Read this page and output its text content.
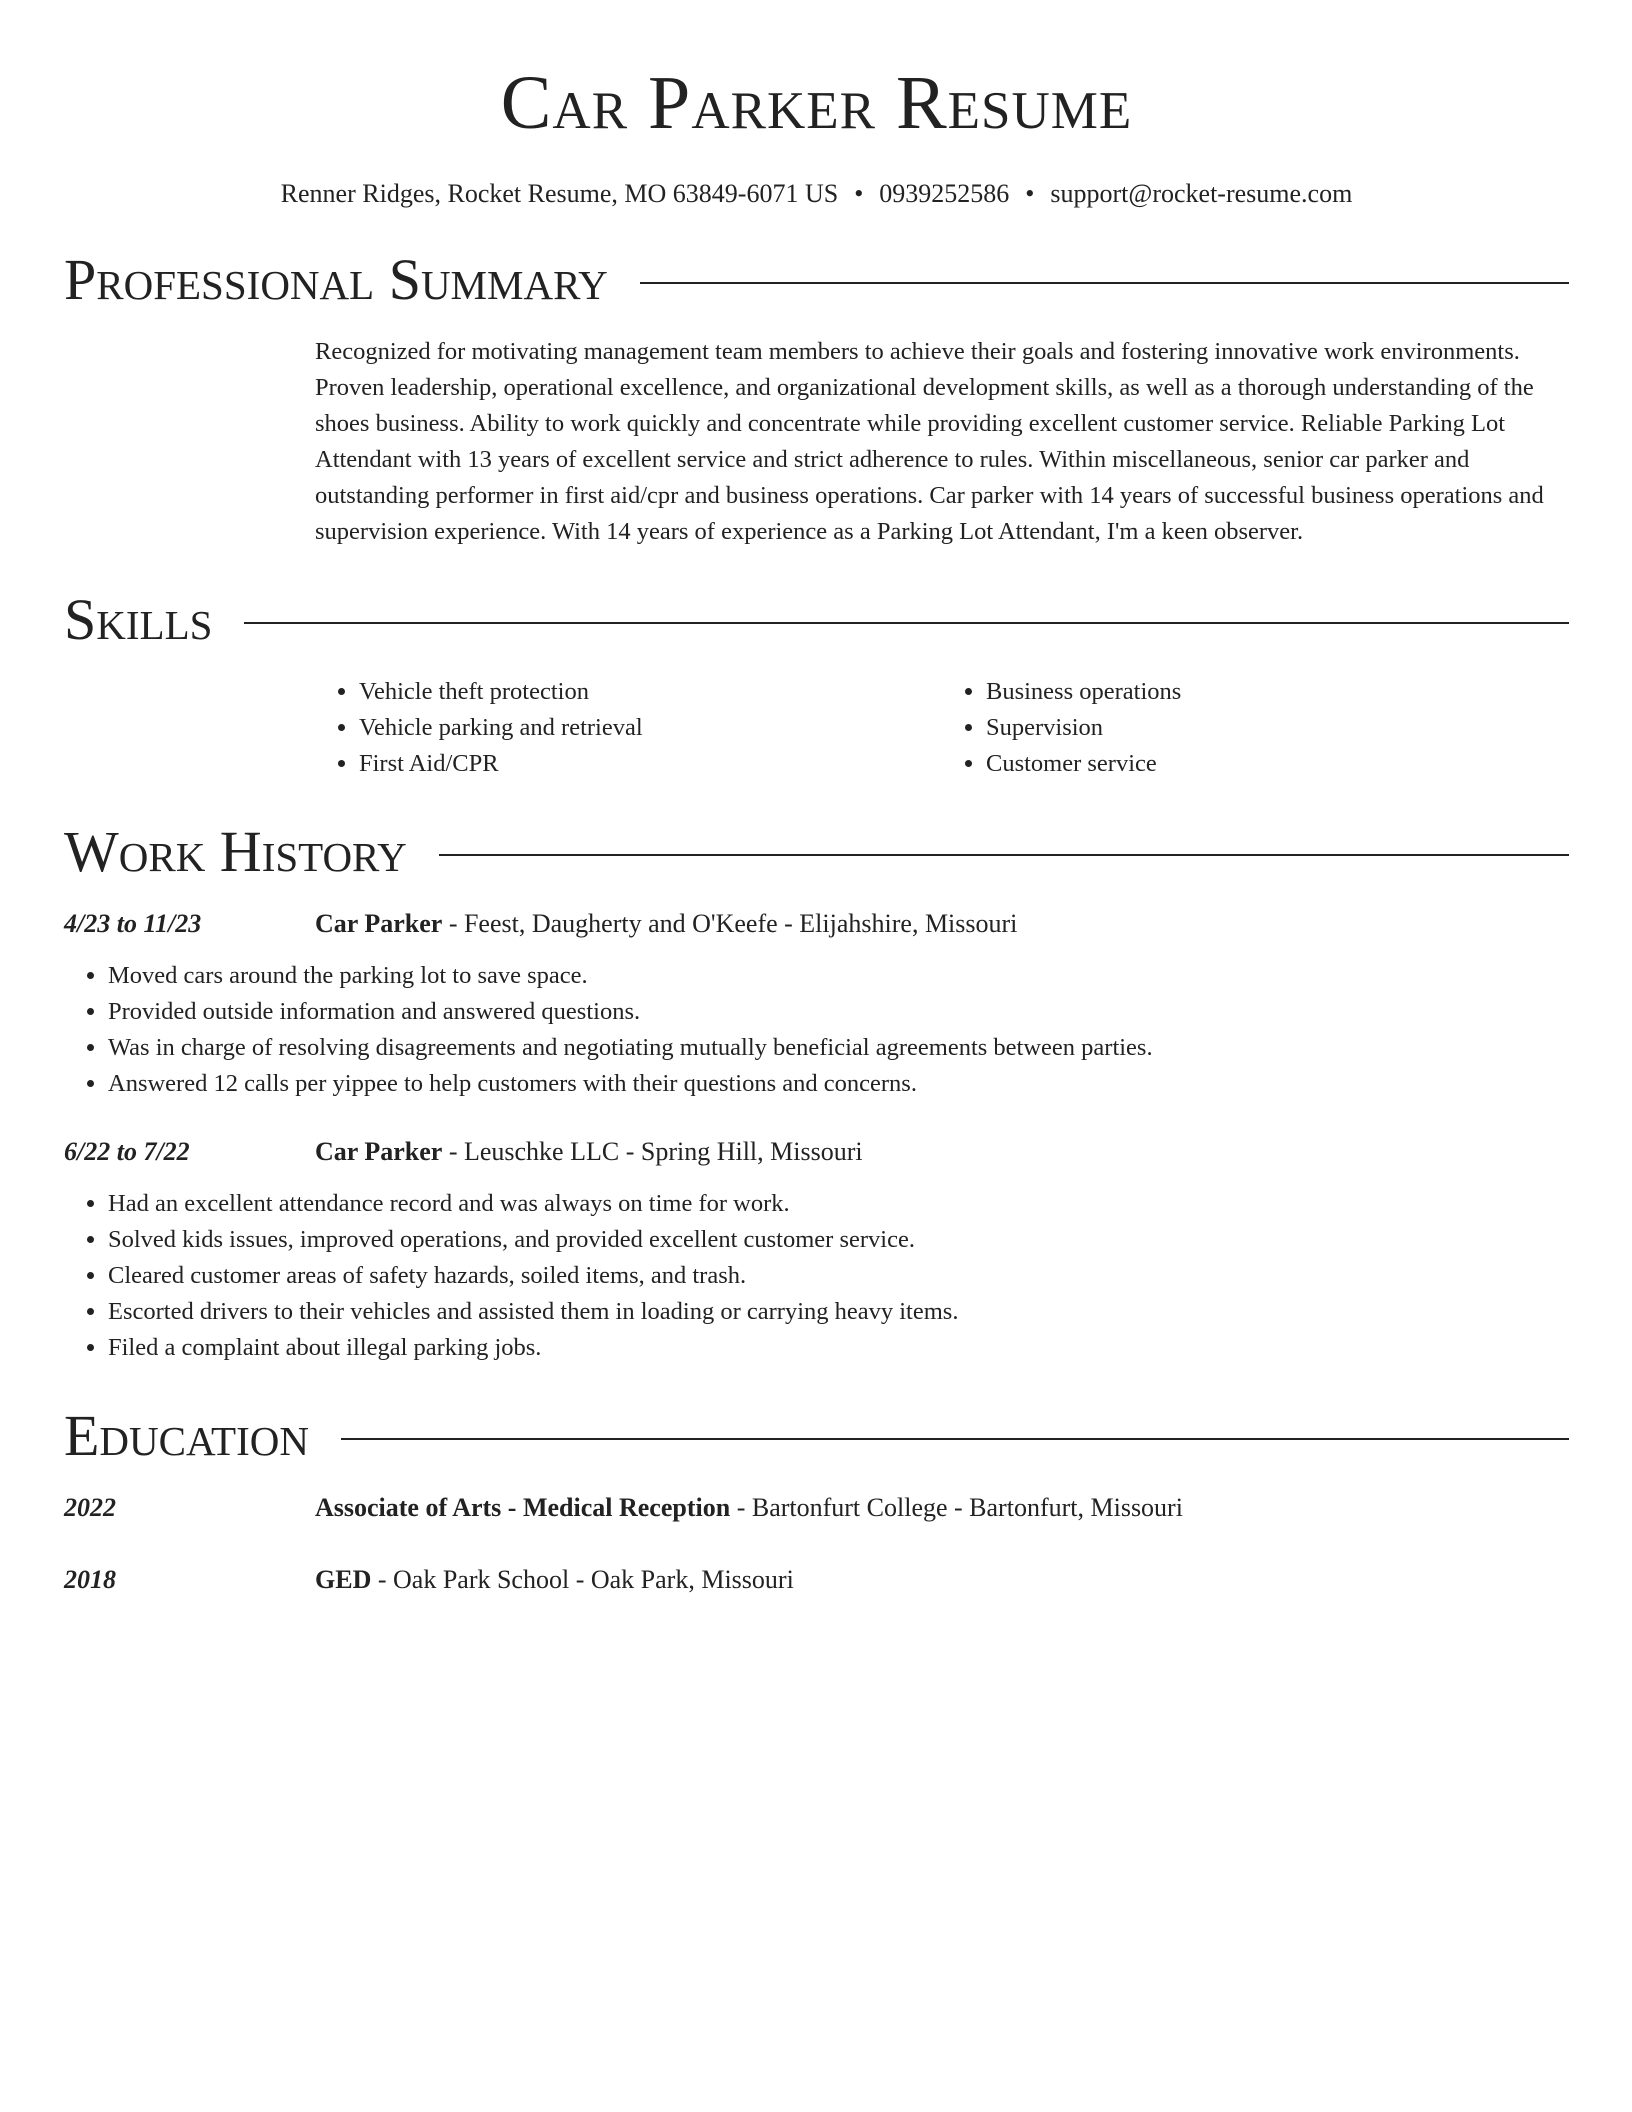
Car Parker Resume
Renner Ridges, Rocket Resume, MO 63849-6071 US • 0939252586 • support@rocket-resume.com
Professional Summary
Recognized for motivating management team members to achieve their goals and fostering innovative work environments. Proven leadership, operational excellence, and organizational development skills, as well as a thorough understanding of the shoes business. Ability to work quickly and concentrate while providing excellent customer service. Reliable Parking Lot Attendant with 13 years of excellent service and strict adherence to rules. Within miscellaneous, senior car parker and outstanding performer in first aid/cpr and business operations. Car parker with 14 years of successful business operations and supervision experience. With 14 years of experience as a Parking Lot Attendant, I'm a keen observer.
Skills
• Vehicle theft protection
• Vehicle parking and retrieval
• First Aid/CPR
• Business operations
• Supervision
• Customer service
Work History
4/23 to 11/23	Car Parker - Feest, Daugherty and O'Keefe - Elijahshire, Missouri
• Moved cars around the parking lot to save space.
• Provided outside information and answered questions.
• Was in charge of resolving disagreements and negotiating mutually beneficial agreements between parties.
• Answered 12 calls per yippee to help customers with their questions and concerns.
6/22 to 7/22	Car Parker - Leuschke LLC - Spring Hill, Missouri
• Had an excellent attendance record and was always on time for work.
• Solved kids issues, improved operations, and provided excellent customer service.
• Cleared customer areas of safety hazards, soiled items, and trash.
• Escorted drivers to their vehicles and assisted them in loading or carrying heavy items.
• Filed a complaint about illegal parking jobs.
Education
2022	Associate of Arts - Medical Reception - Bartonfurt College - Bartonfurt, Missouri
2018	GED - Oak Park School - Oak Park, Missouri
